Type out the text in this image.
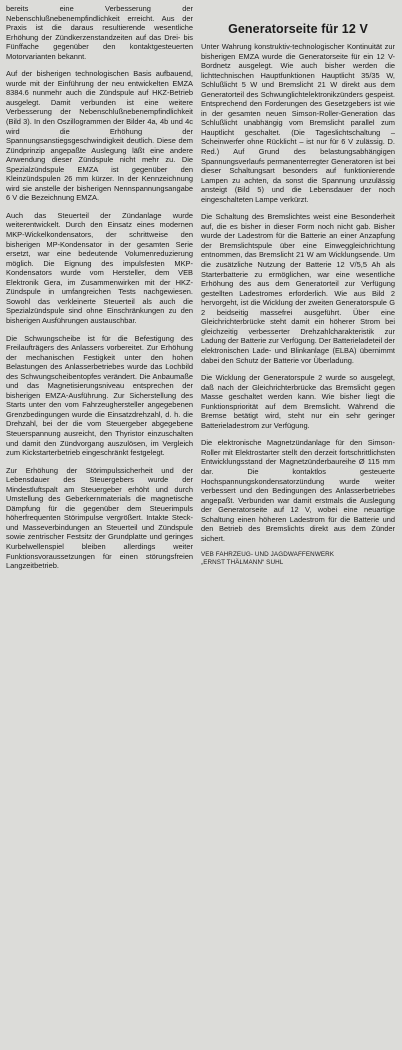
bereits eine Verbesserung der Nebenschlußnebenempfindlichkeit erreicht. Aus der Praxis ist die daraus resultierende wesentliche Erhöhung der Zündkerzenstandzeiten auf das Drei- bis Fünffache gegenüber den kontaktgesteuerten Motorvarianten bekannt.

Auf der bisherigen technologischen Basis aufbauend, wurde mit der Einführung der neu entwickelten EMZA 8384.6 nunmehr auch die Zündspule auf HKZ-Betrieb ausgelegt. Damit verbunden ist eine weitere Verbesserung der Nebenschlußnebenempfindlichkeit (Bild 3). In den Oszillogrammen der Bilder 4a, 4b und 4c wird die Erhöhung der Spannungsanstiegsgeschwindigkeit deutlich. Diese dem Zündprinzip angepaßte Auslegung läßt eine andere Anwendung dieser Zündspule nicht mehr zu. Die Spezialzündspule EMZA ist gegenüber den Kleinzündspulen 26 mm kürzer. In der Kennzeichnung wird sie anstelle der bisherigen Nennspannungsangabe 6 V die Bezeichnung EMZA.

Auch das Steuerteil der Zündanlage wurde weiterentwickelt. Durch den Einsatz eines modernen MKP-Wickelkondensators, der schrittweise den bisherigen MP-Kondensator in der gesamten Serie ersetzt, war eine bedeutende Volumenreduzierung möglich. Die Eignung des impulsfesten MKP-Kondensators wurde vom Hersteller, dem VEB Elektronik Gera, im Zusammenwirken mit der HKZ-Zündspule in umfangreichen Tests nachgewiesen. Sowohl das verkleinerte Steuerteil als auch die Spezialzündspule sind ohne Einschränkungen zu den bisherigen Ausführungen austauschbar.

Die Schwungscheibe ist für die Befestigung des Freilaufträgers des Anlassers vorbereitet. Zur Erhöhung der mechanischen Festigkeit unter den hohen Belastungen des Anlasserbetriebes wurde das Lochbild des Schwungscheibentopfes verändert. Die Anbaumaße und das Magnetisierungsniveau entsprechen der bisherigen EMZA-Ausführung. Zur Sicherstellung des Starts unter den vom Fahrzeughersteller angegebenen Grenzbedingungen wurde die Einsatzdrehzahl, d. h. die Drehzahl, bei der die vom Steuergeber abgegebene Steuerspannung ausreicht, den Thyristor einzuschalten und damit den Zündvorgang auszulösen, im Vergleich zum Kickstarterbetrieb eingeschränkt festgelegt.

Zur Erhöhung der Störimpulssicherheit und der Lebensdauer des Steuergebers wurde der Mindestluftspalt am Steuergeber erhöht und durch Umstellung des Geberkernmaterials die magnetische Dämpfung für die gegenüber dem Steuerimpuls höherfrequenten Störimpulse vergrößert. Intakte Steck- und Masseverbindungen an Steuerteil und Zündspule sowie zentrischer Festsitz der Grundplatte und geringes Kurbelwellenspiel bleiben allerdings weiter Funktionsvoraussetzungen für einen störungsfreien Langzeitbetrieb.

Generatorseite für 12 V

Unter Wahrung konstruktiv-technologischer Kontinuität zur bisherigen EMZA wurde die Generatorseite für ein 12 V-Bordnetz ausgelegt. Wie auch bisher werden die lichttechnischen Hauptfunktionen Hauptlicht 35/35 W, Schlußlicht 5 W und Bremslicht 21 W direkt aus dem Generatorteil des Schwunglichtelektronikzünders gespeist. Entsprechend den Forderungen des Gesetzgebers ist wie in der gesamten neuen Simson-Roller-Generation das Schlußlicht unabhängig vom Bremslicht parallel zum Hauptlicht geschaltet. (Die Tageslichtschaltung – Scheinwerfer ohne Rücklicht – ist nur für 6 V zulässig. D. Red.) Auf Grund des belastungsabhängigen Spannungsverlaufs permanenterregter Generatoren ist bei dieser Schaltungsart besonders auf funktionierende Lampen zu achten, da sonst die Spannung unzulässig ansteigt (Bild 5) und die Lebensdauer der noch eingeschalteten Lampe verkürzt.

Die Schaltung des Bremslichtes weist eine Besonderheit auf, die es bisher in dieser Form noch nicht gab. Bisher wurde der Ladestrom für die Batterie an einer Anzapfung der Bremslichtspule über eine Einweggleichrichtung entnommen, das Bremslicht 21 W am Wicklungsende. Um die zusätzliche Nutzung der Batterie 12 V/5,5 Ah als Starterbatterie zu ermöglichen, war eine wesentliche Erhöhung des aus dem Generatorteil zur Verfügung gestellten Ladestromes erforderlich. Wie aus Bild 2 hervorgeht, ist die Wicklung der zweiten Generatorspule G 2 beidseitig massefrei ausgeführt. Über eine Gleichrichterbrücke steht damit ein höherer Strom bei gleichzeitig verbesserter Drehzahlcharakteristik zur Ladung der Batterie zur Verfügung. Der Batterieladeteil der elektronischen Lade- und Blinkanlage (ELBA) übernimmt dabei den Schutz der Batterie vor Überladung.

Die Wicklung der Generatorspule 2 wurde so ausgelegt, daß nach der Gleichrichterbrücke das Bremslicht gegen Masse geschaltet werden kann. Wie bisher liegt die Funktionspriorität auf dem Bremslicht. Während die Bremse betätigt wird, steht nur ein sehr geringer Batterieladestrom zur Verfügung.

Die elektronische Magnetzündanlage für den Simson-Roller mit Elektrostarter stellt den derzeit fortschrittlichsten Entwicklungsstand der Magnetzünderbaureihe Ø 115 mm dar. Die kontaktlos gesteuerte Hochspannungskondensatorzündung wurde weiter verbessert und den Bedingungen des Anlasserbetriebes angepaßt. Verbunden war damit erstmals die Auslegung der Generatorseite auf 12 V, wobei eine neuartige Schaltung einen höheren Ladestrom für die Batterie und den Betrieb des Bremslichts direkt aus dem Zünder sichert.

VEB FAHRZEUG- UND JAGDWAFFENWERK
„ERNST THÄLMANN“ SUHL
